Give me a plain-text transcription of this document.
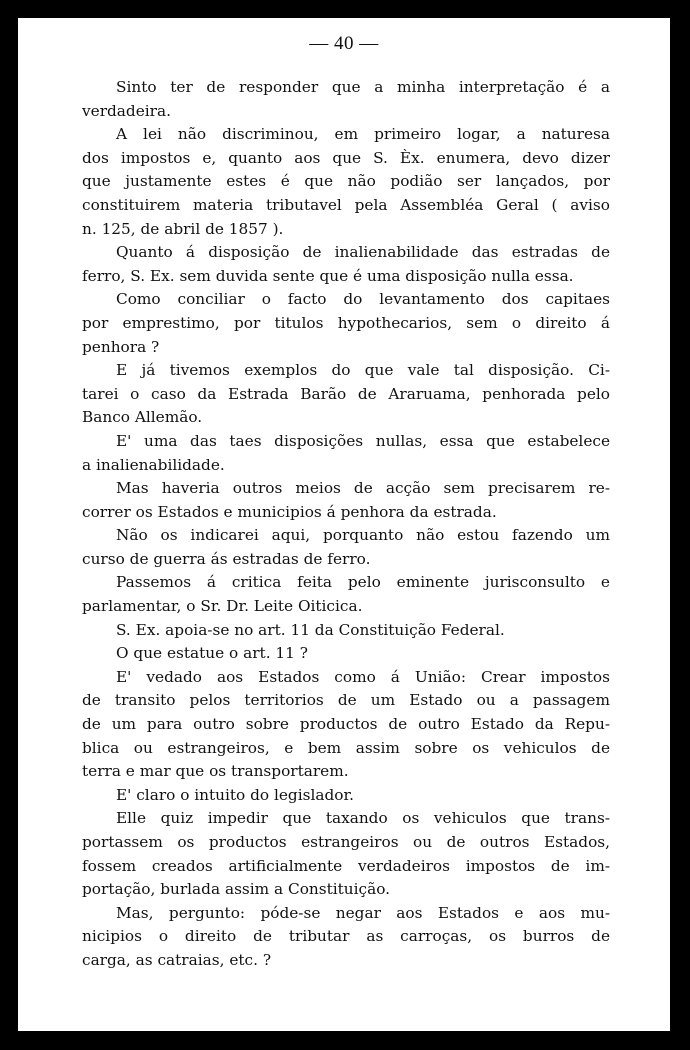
— 40 —
Sinto ter de responder que a minha interpretação é a
verdadeira.
A lei não discriminou, em primeiro logar, a naturesa
dos impostos e, quanto aos que S. Èx. enumera, devo dizer
que justamente estes é que não podião ser lançados, por
constituirem materia tributavel pela Assembléa Geral ( aviso
n. 125, de abril de 1857 ).
Quanto á disposição de inalienabilidade das estradas de
ferro, S. Ex. sem duvida sente que é uma disposição nulla essa.
Como conciliar o facto do levantamento dos capitaes
por emprestimo, por titulos hypothecarios, sem o direito á
penhora ?
E já tivemos exemplos do que vale tal disposição. Ci-
tarei o caso da Estrada Barão de Araruama, penhorada pelo
Banco Allemão.
E' uma das taes disposições nullas, essa que estabelece
a inalienabilidade.
Mas haveria outros meios de acção sem precisarem re-
correr os Estados e municipios á penhora da estrada.
Não os indicarei aqui, porquanto não estou fazendo um
curso de guerra ás estradas de ferro.
Passemos á critica feita pelo eminente jurisconsulto e
parlamentar, o Sr. Dr. Leite Oiticica.
S. Ex. apoia-se no art. 11 da Constituição Federal.
O que estatue o art. 11 ?
E' vedado aos Estados como á União: Crear impostos
de transito pelos territorios de um Estado ou a passagem
de um para outro sobre productos de outro Estado da Repu-
blica ou estrangeiros, e bem assim sobre os vehiculos de
terra e mar que os transportarem.
E' claro o intuito do legislador.
Elle quiz impedir que taxando os vehiculos que trans-
portassem os productos estrangeiros ou de outros Estados,
fossem creados artificialmente verdadeiros impostos de im-
portação, burlada assim a Constituição.
Mas, pergunto: póde-se negar aos Estados e aos mu-
nicipios o direito de tributar as carroças, os burros de
carga, as catraias, etc. ?
